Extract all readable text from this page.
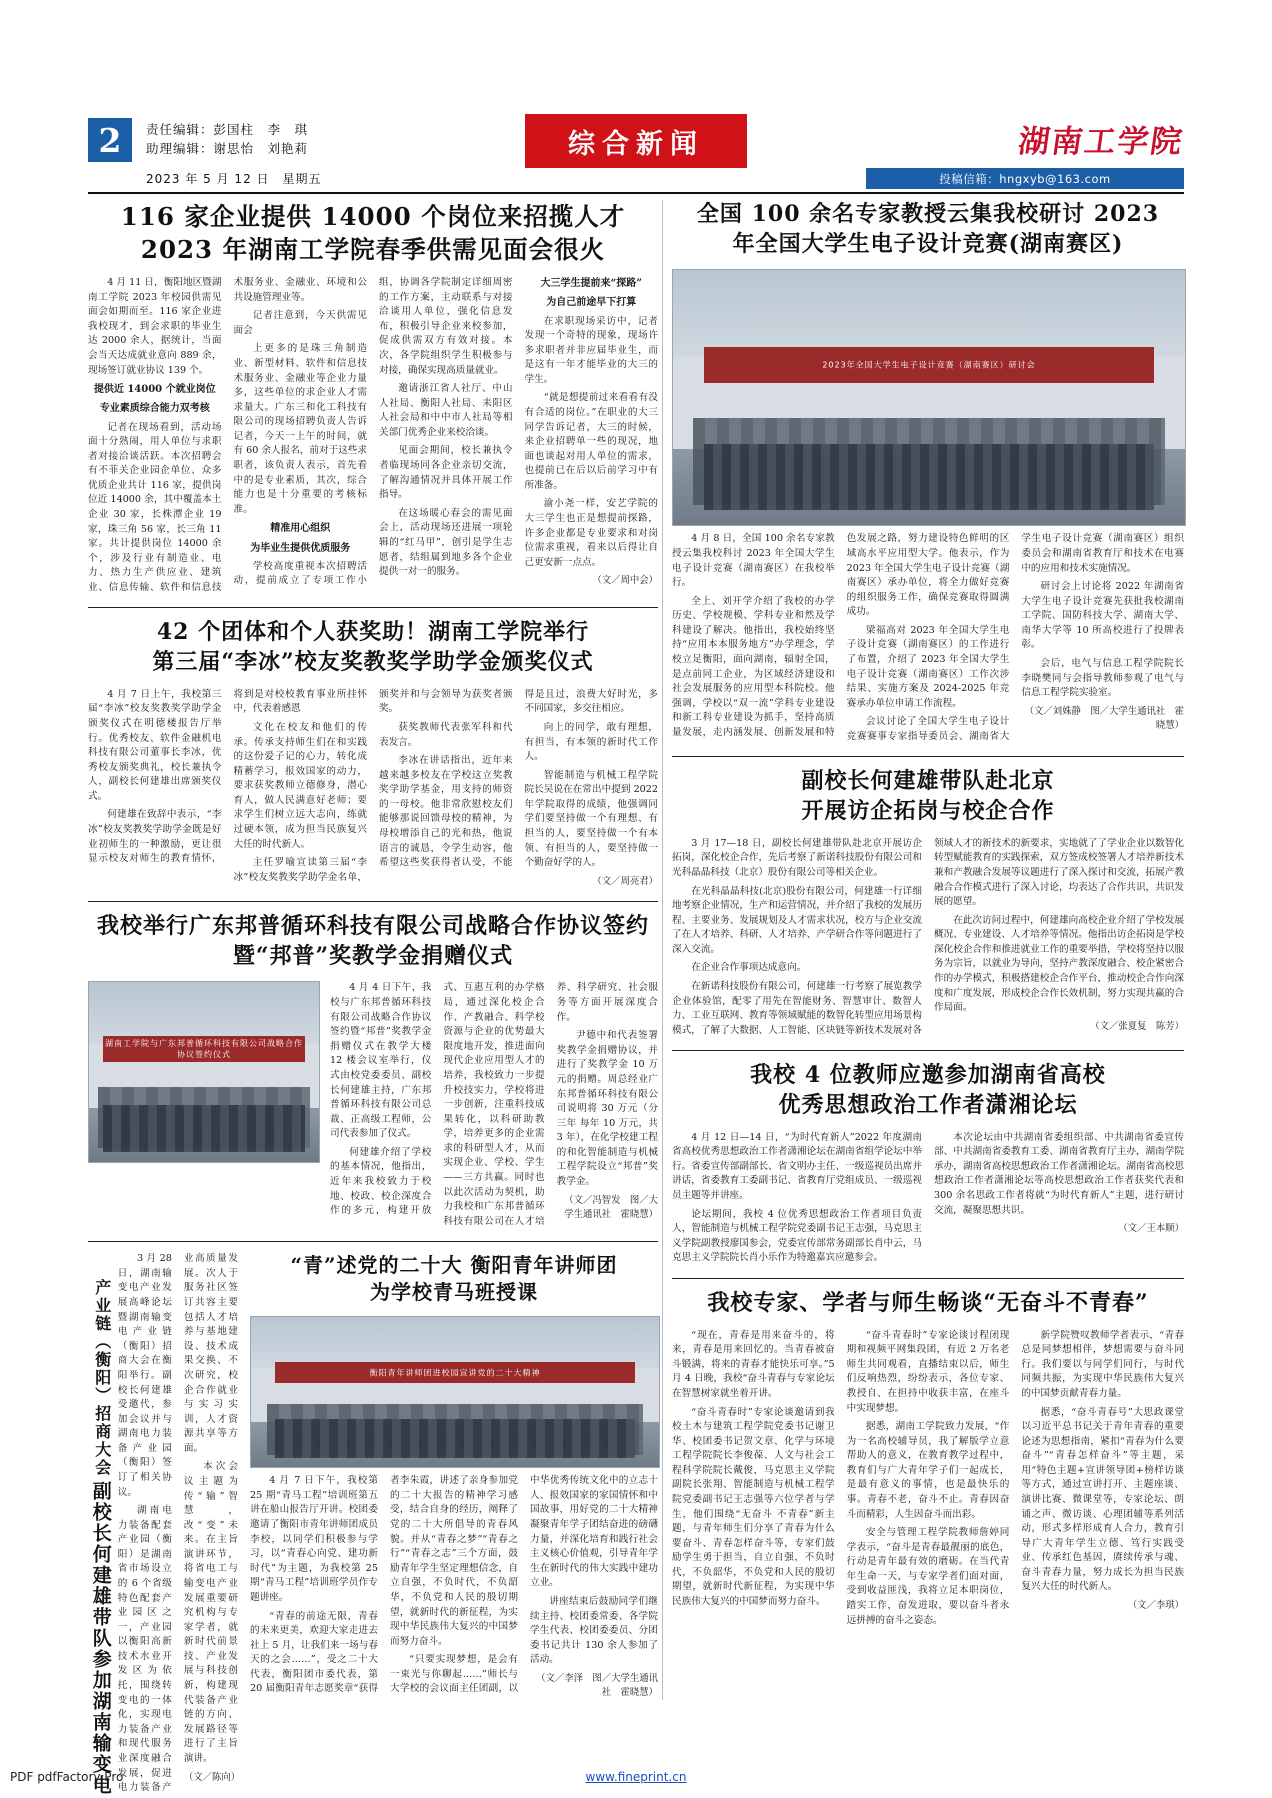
2	责任编辑：彭国柱　李　琪
助理编辑：谢思怡　刘艳莉	综合新闻	湖南工学院
2023 年 5 月 12 日　星期五	投稿信箱：hngxyb@163.com
116 家企业提供 14000 个岗位来招揽人才
2023 年湖南工学院春季供需见面会很火

4 月 11 日，衡阳地区暨湖南工学院 2023 年校园供需见面会如期而至。116 家企业进我校现才，到会求职的毕业生达 2000 余人，据统计，当面会当天达成就业意向 889 余，现场签订就业协议 139 个。

提供近 14000 个就业岗位

专业素质综合能力双考核

记者在现场看到，活动场面十分熟闹，用人单位与求职者对接洽谈活跃。本次招聘会有不菲关企业园企单位、众多优质企业共计 116 家，提供岗位近 14000 余，其中覆盖本土企业 30 家，长株潭企业 19 家，珠三角 56 家，长三角 11 家。共计提供岗位 14000 余个，涉及行业有制造业、电力、热力生产供应业、建筑业、信息传输、软件和信息技术服务业、金融业、环境和公共设施管理业等。

记者注意到，今天供需见面会

上更多的是珠三角制造业、新型材料、软件和信息技术服务业、金融业等企业力量多，这些单位的求企业人才需求量大。广东三和化工科技有限公司的现场招聘负责人告诉记者，今天一上午的时间，就有 60 余人报名，前对于这些求职者，该负责人表示，首先看中的是专业素质，其次，综合能力也是十分重要的考核标准。

精准用心组织

为毕业生提供优质服务

学校高度重视本次招聘活动，提前成立了专项工作小组，协调各学院制定详细周密的工作方案，主动联系与对接洽谈用人单位，强化信息发布，积极引导企业来校参加，促成供需双方有效对接。本次，各学院组织学生积极参与对接，确保实现高质量就业。

邀请浙江省人社厅、中山人社局、衡阳人社局、耒阳区人社会局和中中市人社局等相关部门优秀企业来校洽谈。

见面会期间，校长兼执令者临现场同各企业亲切交流，了解沟通情况并具体开展工作指导。

在这场暖心春会的需见面会上，活动现场还进展一项轮辑的“红马甲”，创引是学生志愿者，结组属到地多各个企业提供一对一的服务。

大三学生提前来“探路”

为自己前途早下打算

在求职现场采访中，记者发现一个奇特的现象，现场许多求职者并非应届毕业生，而是这有一年才能毕业的大三的学生。

“就是想提前过来看看有没有合适的岗位。”在职业的大三同学告诉记者，大三的时候，来企业招聘单一些的现况，地面也谈起对用人单位的需求，也提前已在后以后前学习中有所准备。

渝小尧一样，安艺学院的大三学生也正是想提前探路，许多企业都是专业要求和对岗位需求重视，看来以后得让自己更安新一点点。

（文／周中会）

42 个团体和个人获奖助！湖南工学院举行
第三届“李冰”校友奖教奖学助学金颁奖仪式

4 月 7 日上午，我校第三届“李冰”校友奖教奖学助学金颁奖仪式在明德楼报告厅举行。优秀校友、软件金融机电科技有限公司董事长李冰，优秀校友颁奖典礼，校长兼执令人，副校长何建雄出席颁奖仪式。

何建雄在致辞中表示，“李冰”校友奖教奖学助学金既是好业初师生的一种激励，更让很显示校友对师生的教育情怀，将到是对校校教育事业所挂怀中，代表着感恩

文化在校友和他们的传承。传承支持师生们在和实践的这份爱子记的心力，转化成精蓄学习，报效国家的动力，要求获奖教师立德修身，潜心育人，做人民满意好老师；要求学生们树立远大志向，练就过硬本领，成为担当民族复兴大任的时代新人。

主任罗喻宣读第三届“李冰”校友奖教奖学助学金名单，颁奖并和与会领导为获奖者颁奖。

获奖教师代表张军科和代表发言。

李冰在讲话指出，近年来越来越多校友在学校这立奖教奖学助学基金，用支持的师资的一母校。他非常欣慰校友们能够那说回馈母校的精神，为母校增添自己的光和热，他说语言的诚恳，令学生动容，他希望这些奖获得者认受，不能得是且过，浪费大好时光，多不同国家，多交往相应。

向上的同学，敢有理想，有担当，有本领的新时代工作人。

智能制造与机械工程学院院长吴说在在常出中提到 2022 年学院取得的成绩，他强调同学们要坚持做一个有理想、有担当的人，要坚持做一个有本领、有担当的人，要坚持做一个勤奋好学的人。

（文／周亮君）

我校举行广东邦普循环科技有限公司战略合作协议签约
暨“邦普”奖教学金捐赠仪式
湖南工学院与广东邦普循环科技有限公司战略合作协议签约仪式

4 月 4 日下午，我校与广东邦普循环科技有限公司战略合作协议签约暨“邦普”奖教学金捐赠仪式在教学大楼 12 楼会议室举行，仪式由校党委委员、副校长何建雄主持，广东邦普循环科技有限公司总裁、正高级工程师，公司代表参加了仪式。

何建雄介绍了学校的基本情况，他指出，近年来我校致力于校地、校政、校企深度合作的多元，构建开放式、互惠互利的办学格局，通过深化校企合作、产教融合、科学校资源与企业的优势最大限度地开发，推进面向现代企业应用型人才的培养，我校致力一步提升校技实力，学校将进一步创新，注重科技成果转化，以科研助教学，培养更多的企业需求的科研型人才，从而实现企业、学校、学生——三方共赢。同时也以此次活动为契机，助力我校和广东邦普循环科技有限公司在人才培养、科学研究、社会服务等方面开展深度合作。

尹德中和代表签署奖教学金捐赠协议，并进行了奖教学金 10 万元的捐赠。周总经业广东邦普循环科技有限公司说明将 30 万元（分三年 每年 10 万元，共 3 年），在化学校建工程的和化智能制造与机械工程学院设立“邦普”奖教学金。

（文／冯智发　图／大学生通讯社　霍晓慧）

副校长何建雄带队参加湖南输变电
产业链（衡阳）招商大会

3 月 28 日，湖南输变电产业发展高峰论坛暨湖南输变电产业链（衡阳）招商大会在衡阳举行。副校长何建雄受邀代，参加会议并与湖南电力装备产业园（衡阳）签订了相关协议。

湖南电力装备配套产业园（衡阳）是湖南省市场设立的 6 个省级特色配套产业园区之一，产业园以衡阳高新技术水业开发区为依托，围绕转变电的一体化，实现电力装备产业和现代服务业深度融合发展，促进电力装备产业高质量发展。次人于服务社区签订共容主要包括人才培养与基地建设、技术成果交换、不次研究，校企合作就业与实习实训，人才资源共享等方面。

本次会议主题为传“输”智慧，改“变”未来。在主旨演讲环节，将省电工与输变电产业发展重要研究机构与专家学者，就新时代前景技、产业发展与科技创新，构建现代装备产业链的方向、发展路径等进行了主旨演讲。

（文／陈向）

“青”述党的二十大 衡阳青年讲师团
为学校青马班授课
衡阳青年讲师团进校园宣讲党的二十大精神

4 月 7 日下午，我校第 25 期“青马工程”培训班第五讲在船山报告厅开讲。校团委邀请了衡阳市青年讲师团成员李校，以同学们积极参与学习，以“青春心向党、建功新时代”为主题，为我校第 25 期“青马工程”培训班学员作专题讲座。

“青春的前途无限，青春的未来更美，欢迎大家走进去社上 5 月，让我们来一场与春天的之会……”，受之二十大代表，衡阳团市委代表，第 20 届衡阳青年志愿奖章“获得者李朱霞，讲述了亲身参加党的二十大报告的精神学习感受，结合自身的经历，阐释了党的二十大所倡导的青春风貌。并从“青春之梦”“青春之行”“青春之志”三个方面，鼓励青年学生坚定理想信念，自立自强，不负时代，不负韶华，不负党和人民的殷切期望，就新时代的新征程，为实现中华民族伟大复兴的中国梦而努力奋斗。

“只要实现梦想，是会有一束光与你聊起……”师长与大学校的会议面主任团副，以中华优秀传统文化中的立志十人、报效国家的家国情怀和中国故事，用好党的二十大精神凝聚青年学子团结奋进的磅礴力量，并深化培育和践行社会主义核心价值观，引导青年学生在新时代的伟大实践中建功立业。

讲座结束后鼓励同学们继续主持、校团委常委、各学院学生代表、校团委委员、分团委书记共计 130 余人参加了活动。

（文／李泽　图／大学生通讯社　霍晓慧）

全国 100 余名专家教授云集我校研讨 2023
年全国大学生电子设计竞赛(湖南赛区)
2023年全国大学生电子设计竞赛（湖南赛区）研讨会

4 月 8 日，全国 100 余名专家教授云集我校科讨 2023 年全国大学生电子设计竞赛（湖南赛区）在我校举行。

全上、刘开学介绍了我校的办学历史、学校规模、学科专业和然及学科建设了解决。他指出，我校始终坚持“应用本本服务地方”办学理念，学校立足衡阳，面向湖南，辐射全国，是点前同工企业，为区域经济建设和社会发展服务的应用型本科院校。他强调，学校以“双一流”学科专业建设和新工科专业建设为抓手，坚持高质量发展，走内涵发展、创新发展和特色发展之路，努力建设特色鲜明的区域高水平应用型大学。他表示，作为 2023 年全国大学生电子设计竞赛（湖南赛区）承办单位，将全力做好竞赛的组织服务工作，确保竞赛取得圆满成功。

梁福高对 2023 年全国大学生电子设计竞赛（湖南赛区）的工作进行了布置，介绍了 2023 年全国大学生电子设计竞赛（湖南赛区）工作次涉结果、实施方案及 2024-2025 年竞赛承办单位申请工作流程。

会议讨论了全国大学生电子设计竞赛赛事专家指导委员会、湖南省大学生电子设计竞赛（湖南赛区）组织委员会和湖南省教育厅和技术在电赛中的应用和技术实施情况。

研讨会上讨论将 2022 年湖南省大学生电子设计竞赛先获批我校湖南工学院、国防科技大学、湖南大学、南华大学等 10 所高校进行了投牌表彰。

会后，电气与信息工程学院院长李晓樊同与会指导教师参观了电气与信息工程学院实验室。

（文／刘姝静　图／大学生通讯社　霍晓慧）

副校长何建雄带队赴北京
开展访企拓岗与校企合作

3 月 17—18 日，副校长何建雄带队赴北京开展访企拓岗，深化校企合作，先后考察了新诺科技股份有限公司和光科晶晶科技（北京）股份有限公司等相关企业。

在光科晶晶科技(北京)股份有限公司，何建雄一行详细地考察企业情况，生产和运营情况，并介绍了我校的发展历程、主要业务、发展规划及人才需求状况，校方与企业交流了在人才培养、科研、人才培养、产学研合作等问题进行了深入交流。

在企业合作事项达成意向。

在新诺科技股份有限公司，何建雄一行考察了展览教学企业体验馆，配零了用先在智能财务、智慧审计、数智人力、工业互联网、教育等领域赋能的数智化转型应用场景构模式，了解了大数据、人工智能、区块链等新技术发展对各领域人才的新技术的新要求，实地就了了学业企业以数智化转型赋能教育的实践探索，双方签成校签署人才培养新技术兼和产教融合发展等议题进行了深入探讨和交流，拓展产教融合合作模式进行了深入讨论，均表达了合作共识，共识发展的愿望。

在此次访问过程中，何建雄向高校企业介绍了学校发展概况、专业建设、人才培养等情况。他指出访企拓岗是学校深化校企合作和推进就业工作的重要举措，学校将坚持以服务为宗旨，以就业为导向，坚持产教深度融合、校企紧密合作的办学模式，积极搭建校企合作平台，推动校企合作向深度和广度发展，形成校企合作长效机制，努力实现共赢的合作局面。

（文／张夏复　陈芳）

我校 4 位教师应邀参加湖南省高校
优秀思想政治工作者潇湘论坛

4 月 12 日—14 日，“为时代育新人”2022 年度湖南省高校优秀思想政治工作者潇湘论坛在湖南省组学论坛中举行。省委宣传部副部长、省文明办主任、一级巡视员出席并讲话，省委教育工委副书记、省教育厅党组成员、一级巡视员主题等并讲座。

论坛期间，我校 4 位优秀思想政治工作者项目负责人，智能制造与机械工程学院党委副书记王志强，马克思主义学院副教授廖国参会，党委宣传部常务副部长肖中云，马克思主义学院院长肖小乐作为特邀嘉宾应邀参会。

本次论坛由中共湖南省委组织部、中共湖南省委宣传部、中共湖南省委教育工委、湖南省教育厅主办，湖南学院承办，湖南省高校思想政治工作者潇湘论坛。湖南省高校思想政治工作者潇湘论坛等高校思想政治工作者获奖代表和 300 余名思政工作者将就“为时代育新人”主题，进行研讨交流，凝聚思想共识。

（文／王本顺）

我校专家、学者与师生畅谈“无奋斗不青春”

“现在，青春是用来奋斗的，将来，青春是用来回忆的。当青春被奋斗锻满，将来的青春才能快乐可享。”5 月 4 日晚，我校“奋斗青春与专家论坛在智慧树家就坐着开讲。

“奋斗青春时”专家论谈邀请到我校土木与建筑工程学院党委书记谢卫华、校团委书记贺文章、化学与环境工程学院院长李俊葆、人文与社会工程科学院院长戴俊，马克思主义学院副院长张翔、智能制造与机械工程学院党委副书记王志强等六位学者与学生，他们围绕“无奋斗 不青春”新主题，与青年师生们分享了青春为什么要奋斗、青春怎样奋斗等，专家们鼓励学生勇于担当，自立自强，不负时代，不负韶华，不负党和人民的殷切期望，就新时代新征程，为实现中华民族伟大复兴的中国梦而努力奋斗。

“奋斗青春时”专家论谈讨程闭现期和视频平网集段团，有近 2 万名老师生共同观看，直播结束以后，师生们反响热烈，纷纷表示，各位专家、教授自、在担持中收获丰富，在座斗中实现梦想。

据悉，湖南工学院致力发展，“作为一名高校辅导员，我了解版学立意帮助人的意义，在教育教学过程中，教育们与广大青年学子们一起成长，是最有意义的事情，也是最快乐的事。青春不老，奋斗不止。青春因奋斗而精彩，人生因奋斗而出彩。

安全与管理工程学院教师詹婷同学表示，“奋斗是青春最靓丽的底色，行动是青年最有效的磨砺。在当代青年生命一天，与专家学者们面对面，受到收益匪浅，我将立足本职岗位，踏实工作，奋发进取，要以奋斗者永远拼搏的奋斗之姿态。

新学院赞叹教师学者表示，“青春总是同梦想相伴，梦想需要与奋斗同行。我们要以与同学们同行，与时代同频共振，为实现中华民族伟大复兴的中国梦贡献青春力量。

据悉，“奋斗青春号”大思政课堂以习近平总书记关于青年青春的重要论述为思想指南，紧扣“青春为什么要奋斗”“青春怎样奋斗”等主题，采用“特色主题+宣讲领导团+榜样访谈等方式，通过宣讲打开、主题座谈、演讲比赛、微课堂等，专家论坛、朗诵之声、微访谈、心理团辅等系列活动，形式多样形成育人合力，教育引导广大青年学生立德、笃行实践受业、传承红色基因，赓续传承与魂、奋斗青春力量，努力成长为担当民族复兴大任的时代新人。

（文／李琪）

PDF pdfFactory Pro	www.fineprint.cn
